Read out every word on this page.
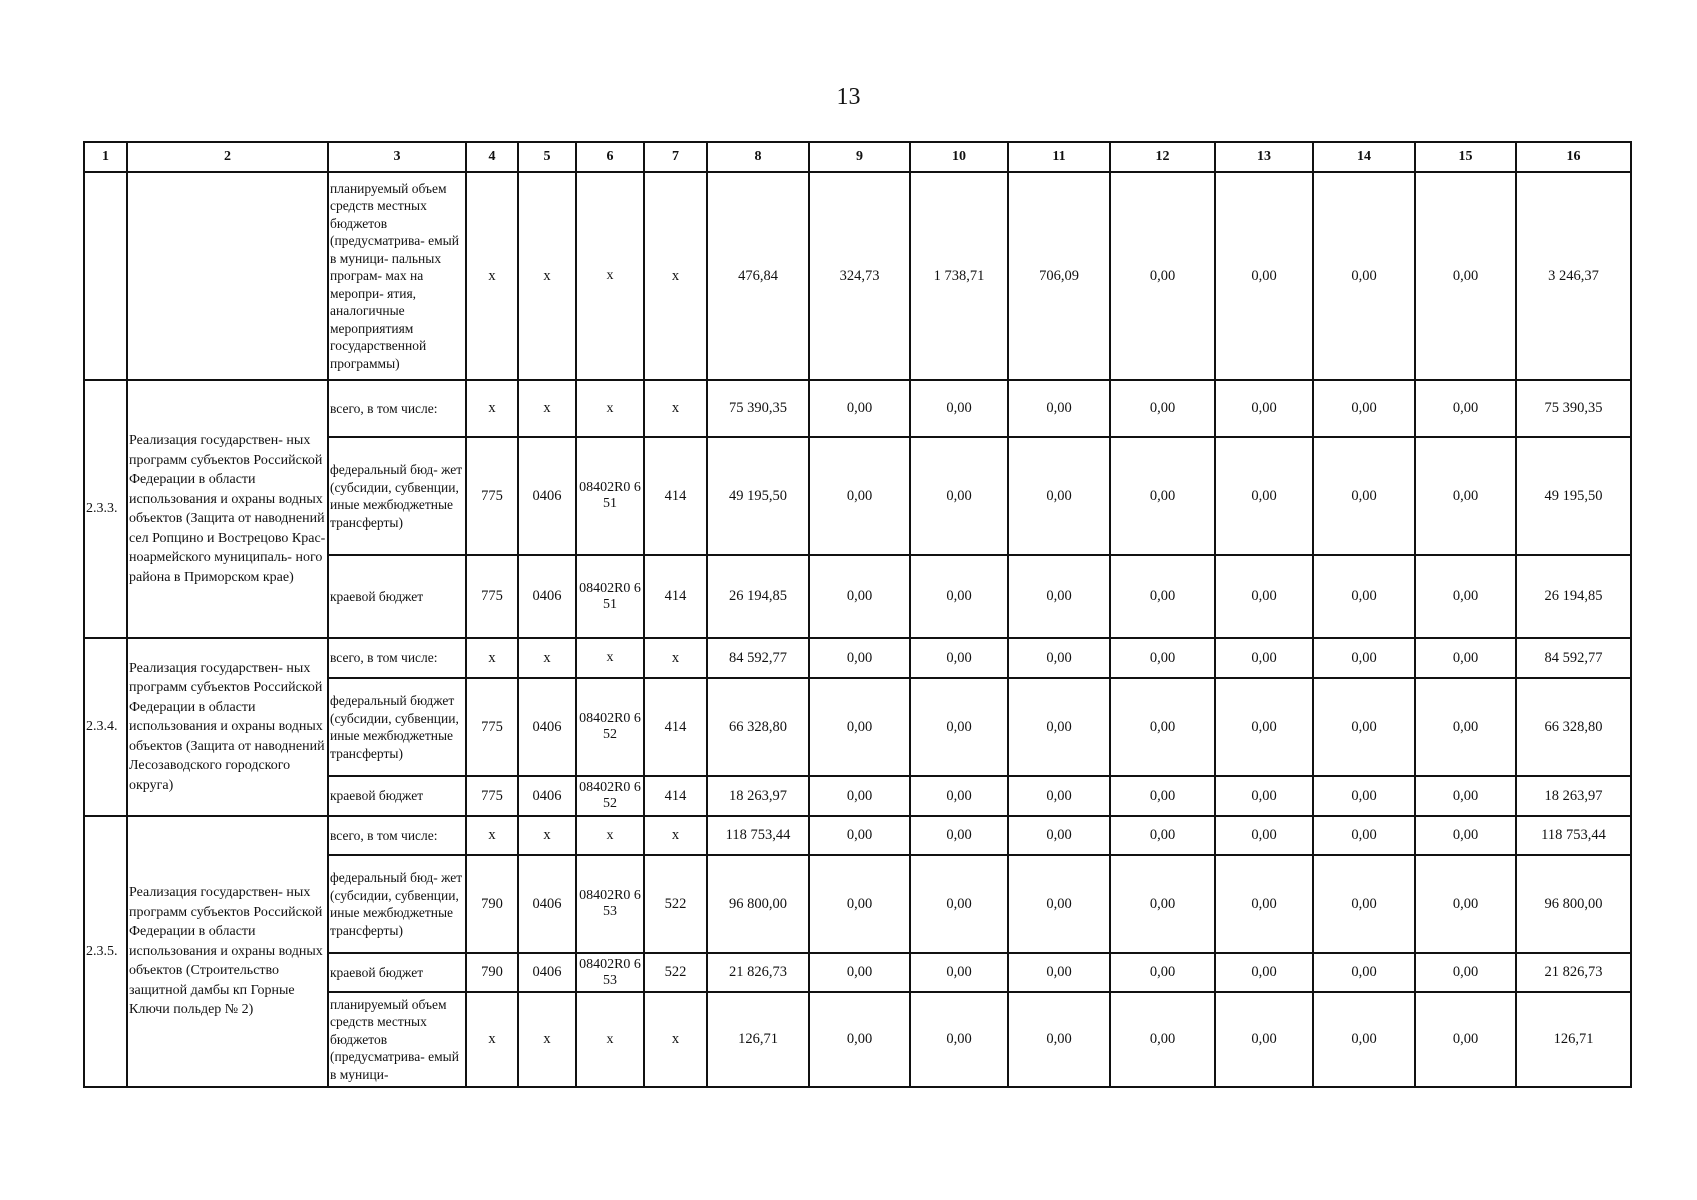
13
1	2	3	4	5	6	7	8	9	10	11	12	13	14	15	16
		планируемый объем средств местных бюджетов (предусматрива- емый в муници- пальных програм- мах на меропри- ятия, аналогичные мероприятиям государственной программы)	х	х	х	х	476,84	324,73	1 738,71	706,09	0,00	0,00	0,00	0,00	3 246,37
2.3.3.	Реализация государствен- ных программ субъектов Российской Федерации в области использования и охраны водных объектов (Защита от наводнений сел Ропцино и Вострецово Крас- ноармейского муниципаль- ного района в Приморском крае)	всего, в том числе:	х	х	х	х	75 390,35	0,00	0,00	0,00	0,00	0,00	0,00	0,00	75 390,35
		федеральный бюд- жет (субсидии, субвенции, иные межбюджетные трансферты)	775	0406	08402R0 651	414	49 195,50	0,00	0,00	0,00	0,00	0,00	0,00	0,00	49 195,50
		краевой бюджет	775	0406	08402R0 651	414	26 194,85	0,00	0,00	0,00	0,00	0,00	0,00	0,00	26 194,85
2.3.4.	Реализация государствен- ных программ субъектов Российской Федерации в области использования и охраны водных объектов (Защита от наводнений Лесозаводского городского округа)	всего, в том числе:	х	х	х	х	84 592,77	0,00	0,00	0,00	0,00	0,00	0,00	0,00	84 592,77
		федеральный бюджет (субсидии, субвенции, иные межбюджетные трансферты)	775	0406	08402R0 652	414	66 328,80	0,00	0,00	0,00	0,00	0,00	0,00	0,00	66 328,80
		краевой бюджет	775	0406	08402R0 652	414	18 263,97	0,00	0,00	0,00	0,00	0,00	0,00	0,00	18 263,97
2.3.5.	Реализация государствен- ных программ субъектов Российской Федерации в области использования и охраны водных объектов (Строительство защитной дамбы кп Горные Ключи польдер № 2)	всего, в том числе:	х	х	х	х	118 753,44	0,00	0,00	0,00	0,00	0,00	0,00	0,00	118 753,44
		федеральный бюд- жет (субсидии, субвенции, иные межбюджетные трансферты)	790	0406	08402R0 653	522	96 800,00	0,00	0,00	0,00	0,00	0,00	0,00	0,00	96 800,00
		краевой бюджет	790	0406	08402R0 653	522	21 826,73	0,00	0,00	0,00	0,00	0,00	0,00	0,00	21 826,73
		планируемый объем средств местных бюджетов (предусматрива- емый в муници-	х	х	х	х	126,71	0,00	0,00	0,00	0,00	0,00	0,00	0,00	126,71
